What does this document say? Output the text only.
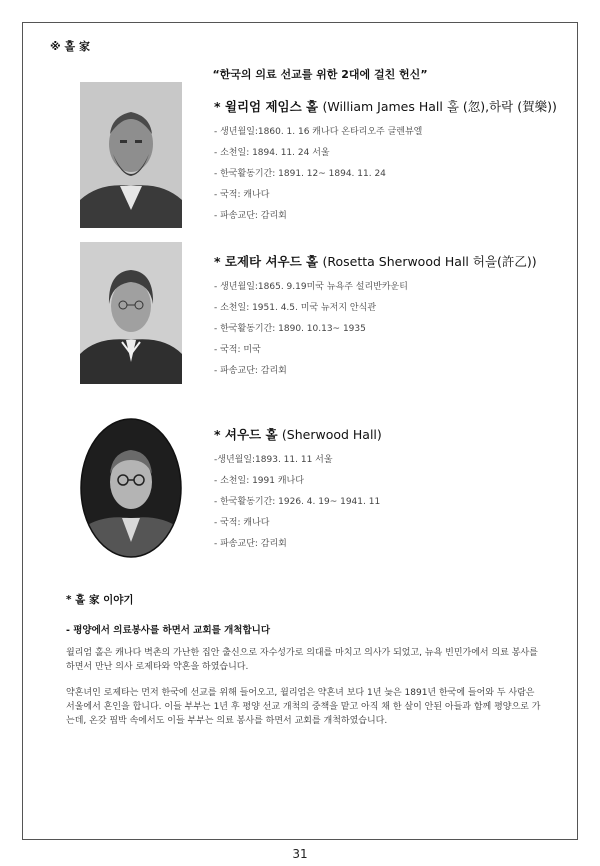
※ 홀 家
“한국의 의료 선교를 위한 2대에 걸친 헌신”
* 윌리엄 제임스 홀 (William James Hall 홀 (忽),하락 (賀樂))
- 생년월일:1860. 1. 16 캐나다 온타리오주 글렌뷰엘
- 소천일: 1894. 11. 24 서울
- 한국활동기간: 1891. 12~ 1894. 11. 24
- 국적: 캐나다
- 파송교단: 감리회
* 로제타 셔우드 홀 (Rosetta Sherwood Hall 허을(許乙))
- 생년월일:1865. 9.19미국 뉴욕주 설리반카운티
- 소천일: 1951. 4.5. 미국 뉴저지 안식관
- 한국활동기간: 1890. 10.13~ 1935
- 국적: 미국
- 파송교단: 감리회
* 셔우드 홀 (Sherwood Hall)
-생년월일:1893. 11. 11 서울
- 소천일: 1991 캐나다
- 한국활동기간: 1926. 4. 19~ 1941. 11
- 국적: 캐나다
- 파송교단: 감리회
* 홀 家 이야기
- 평양에서 의료봉사를 하면서 교회를 개척합니다
윌리엄 홀은 캐나다 벽촌의 가난한 집안 출신으로 자수성가로 의대를 마치고 의사가 되었고, 뉴욕 빈민가에서 의료 봉사를 하면서 만난 의사 로제타와 약혼을 하였습니다.
약혼녀인 로제타는 먼저 한국에 선교를 위해 들어오고, 윌리엄은 약혼녀 보다 1년 늦은 1891년 한국에 들어와 두 사람은 서울에서 혼인을 합니다. 이들 부부는 1년 후 평양 선교 개척의 중책을 맡고 아직 채 한 살이 안된 아들과 함께 평양으로 가는데, 온갖 핍박 속에서도 이들 부부는 의료 봉사를 하면서 교회를 개척하였습니다.
31
